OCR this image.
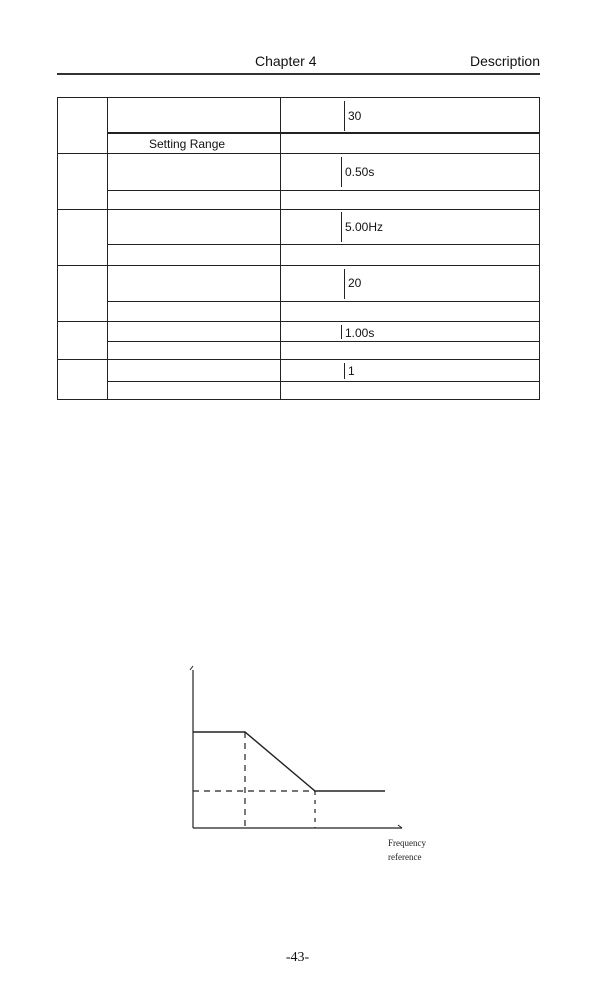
Chapter 4	Description
Setting Range
30
0.50s
5.00Hz
20
1.00s
1
Frequency
reference
-43-
